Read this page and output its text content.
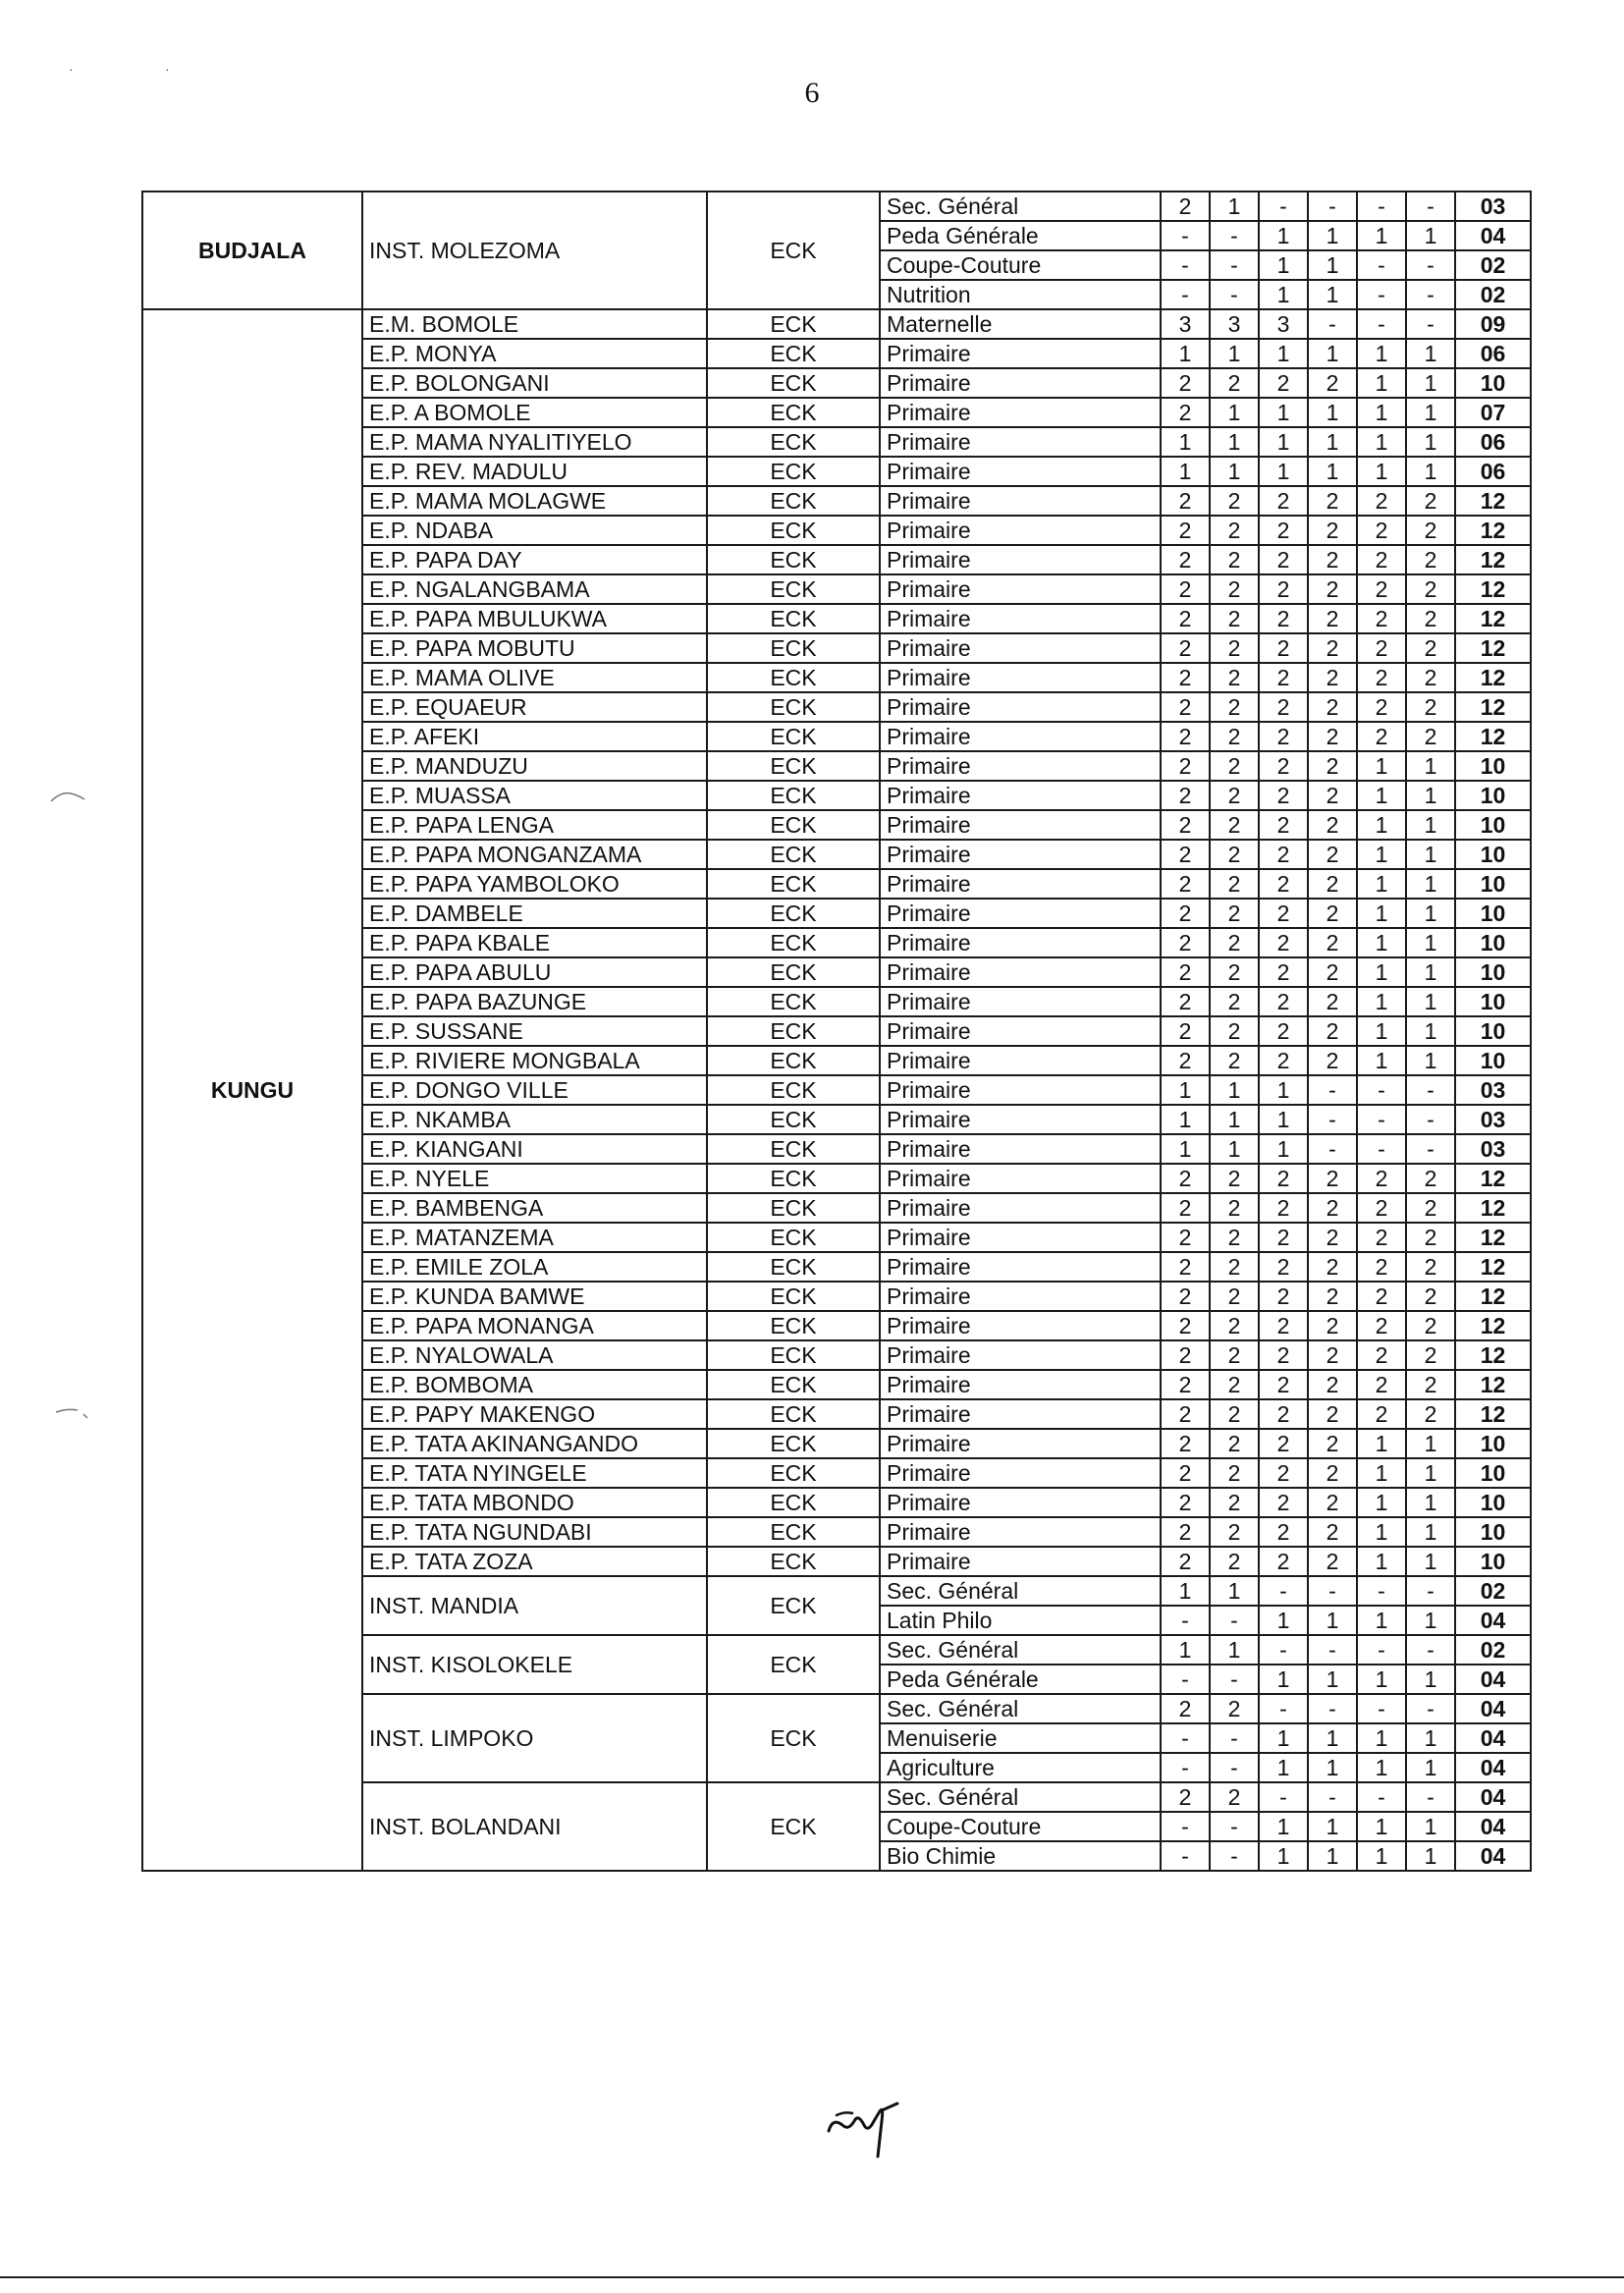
6
·	·
BUDJALA	INST. MOLEZOMA	ECK	Sec. Général	2	1	-	-	-	-	03
			Peda Générale	-	-	1	1	1	1	04
			Coupe-Couture	-	-	1	1	-	-	02
			Nutrition	-	-	1	1	-	-	02
KUNGU	E.M. BOMOLE	ECK	Maternelle	3	3	3	-	-	-	09
	E.P. MONYA	ECK	Primaire	1	1	1	1	1	1	06
	E.P. BOLONGANI	ECK	Primaire	2	2	2	2	1	1	10
	E.P. A BOMOLE	ECK	Primaire	2	1	1	1	1	1	07
	E.P. MAMA NYALITIYELO	ECK	Primaire	1	1	1	1	1	1	06
	E.P. REV. MADULU	ECK	Primaire	1	1	1	1	1	1	06
	E.P. MAMA MOLAGWE	ECK	Primaire	2	2	2	2	2	2	12
	E.P. NDABA	ECK	Primaire	2	2	2	2	2	2	12
	E.P. PAPA DAY	ECK	Primaire	2	2	2	2	2	2	12
	E.P. NGALANGBAMA	ECK	Primaire	2	2	2	2	2	2	12
	E.P. PAPA MBULUKWA	ECK	Primaire	2	2	2	2	2	2	12
	E.P. PAPA MOBUTU	ECK	Primaire	2	2	2	2	2	2	12
	E.P. MAMA OLIVE	ECK	Primaire	2	2	2	2	2	2	12
	E.P. EQUAEUR	ECK	Primaire	2	2	2	2	2	2	12
	E.P. AFEKI	ECK	Primaire	2	2	2	2	2	2	12
	E.P. MANDUZU	ECK	Primaire	2	2	2	2	1	1	10
	E.P. MUASSA	ECK	Primaire	2	2	2	2	1	1	10
	E.P. PAPA LENGA	ECK	Primaire	2	2	2	2	1	1	10
	E.P. PAPA MONGANZAMA	ECK	Primaire	2	2	2	2	1	1	10
	E.P. PAPA YAMBOLOKO	ECK	Primaire	2	2	2	2	1	1	10
	E.P. DAMBELE	ECK	Primaire	2	2	2	2	1	1	10
	E.P. PAPA KBALE	ECK	Primaire	2	2	2	2	1	1	10
	E.P. PAPA ABULU	ECK	Primaire	2	2	2	2	1	1	10
	E.P. PAPA BAZUNGE	ECK	Primaire	2	2	2	2	1	1	10
	E.P. SUSSANE	ECK	Primaire	2	2	2	2	1	1	10
	E.P. RIVIERE MONGBALA	ECK	Primaire	2	2	2	2	1	1	10
	E.P. DONGO VILLE	ECK	Primaire	1	1	1	-	-	-	03
	E.P. NKAMBA	ECK	Primaire	1	1	1	-	-	-	03
	E.P. KIANGANI	ECK	Primaire	1	1	1	-	-	-	03
	E.P. NYELE	ECK	Primaire	2	2	2	2	2	2	12
	E.P. BAMBENGA	ECK	Primaire	2	2	2	2	2	2	12
	E.P. MATANZEMA	ECK	Primaire	2	2	2	2	2	2	12
	E.P. EMILE ZOLA	ECK	Primaire	2	2	2	2	2	2	12
	E.P. KUNDA BAMWE	ECK	Primaire	2	2	2	2	2	2	12
	E.P. PAPA MONANGA	ECK	Primaire	2	2	2	2	2	2	12
	E.P. NYALOWALA	ECK	Primaire	2	2	2	2	2	2	12
	E.P. BOMBOMA	ECK	Primaire	2	2	2	2	2	2	12
	E.P. PAPY MAKENGO	ECK	Primaire	2	2	2	2	2	2	12
	E.P. TATA AKINANGANDO	ECK	Primaire	2	2	2	2	1	1	10
	E.P. TATA NYINGELE	ECK	Primaire	2	2	2	2	1	1	10
	E.P. TATA MBONDO	ECK	Primaire	2	2	2	2	1	1	10
	E.P. TATA NGUNDABI	ECK	Primaire	2	2	2	2	1	1	10
	E.P. TATA ZOZA	ECK	Primaire	2	2	2	2	1	1	10
	INST. MANDIA	ECK	Sec. Général	1	1	-	-	-	-	02
			Latin Philo	-	-	1	1	1	1	04
	INST. KISOLOKELE	ECK	Sec. Général	1	1	-	-	-	-	02
			Peda Générale	-	-	1	1	1	1	04
	INST. LIMPOKO	ECK	Sec. Général	2	2	-	-	-	-	04
			Menuiserie	-	-	1	1	1	1	04
			Agriculture	-	-	1	1	1	1	04
	INST. BOLANDANI	ECK	Sec. Général	2	2	-	-	-	-	04
			Coupe-Couture	-	-	1	1	1	1	04
			Bio Chimie	-	-	1	1	1	1	04
